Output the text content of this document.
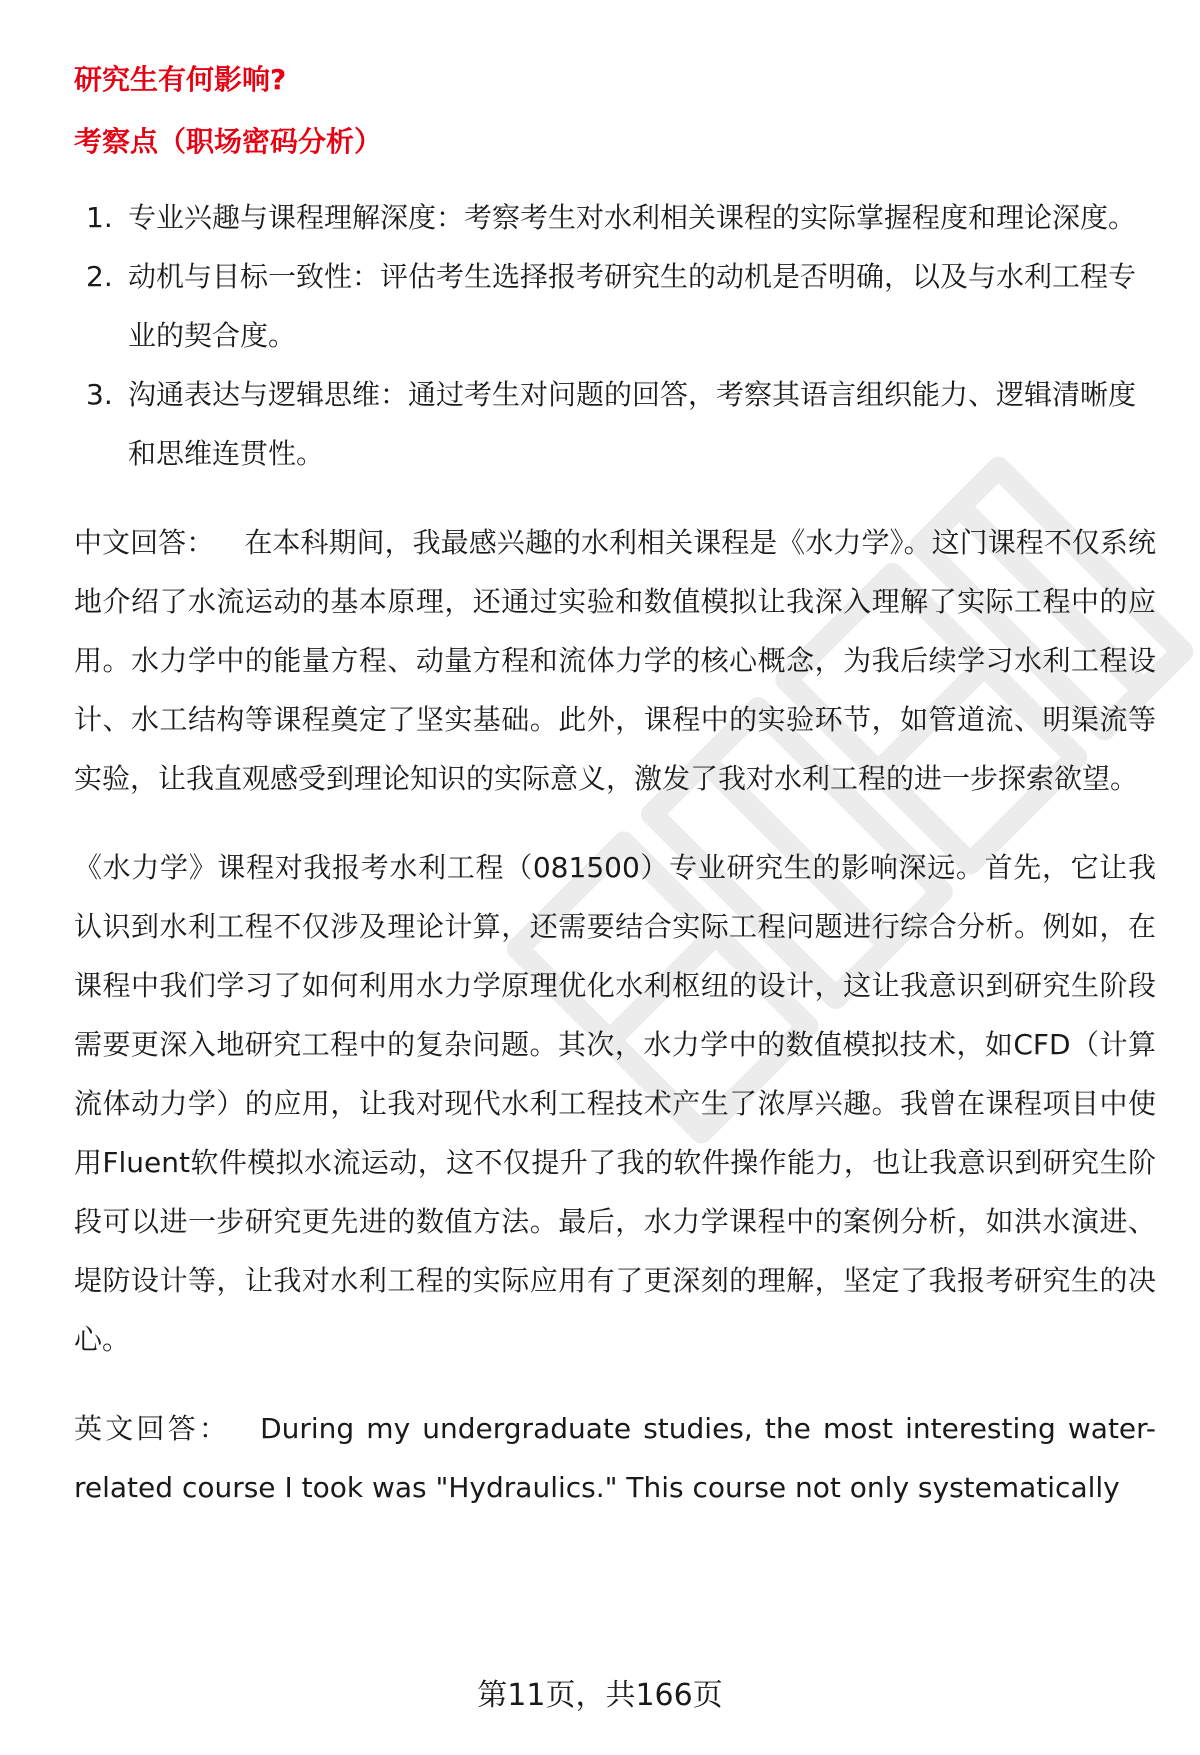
研究生有何影响?

考察点（职场密码分析）

1. 专业兴趣与课程理解深度：考察考生对水利相关课程的实际掌握程度和理论深度。
2. 动机与目标一致性：评估考生选择报考研究生的动机是否明确，以及与水利工程专业的契合度。
3. 沟通表达与逻辑思维：通过考生对问题的回答，考察其语言组织能力、逻辑清晰度和思维连贯性。

中文回答： 在本科期间，我最感兴趣的水利相关课程是《水力学》。这门课程不仅系统地介绍了水流运动的基本原理，还通过实验和数值模拟让我深入理解了实际工程中的应用。水力学中的能量方程、动量方程和流体力学的核心概念，为我后续学习水利工程设计、水工结构等课程奠定了坚实基础。此外，课程中的实验环节，如管道流、明渠流等实验，让我直观感受到理论知识的实际意义，激发了我对水利工程的进一步探索欲望。

《水力学》课程对我报考水利工程（081500）专业研究生的影响深远。首先，它让我认识到水利工程不仅涉及理论计算，还需要结合实际工程问题进行综合分析。例如，在课程中我们学习了如何利用水力学原理优化水利枢纽的设计，这让我意识到研究生阶段需要更深入地研究工程中的复杂问题。其次，水力学中的数值模拟技术，如CFD（计算流体动力学）的应用，让我对现代水利工程技术产生了浓厚兴趣。我曾在课程项目中使用Fluent软件模拟水流运动，这不仅提升了我的软件操作能力，也让我意识到研究生阶段可以进一步研究更先进的数值方法。最后，水力学课程中的案例分析，如洪水演进、堤防设计等，让我对水利工程的实际应用有了更深刻的理解，坚定了我报考研究生的决心。

英文回答： During my undergraduate studies, the most interesting water-related course I took was "Hydraulics." This course not only systematically

第11页，共166页
